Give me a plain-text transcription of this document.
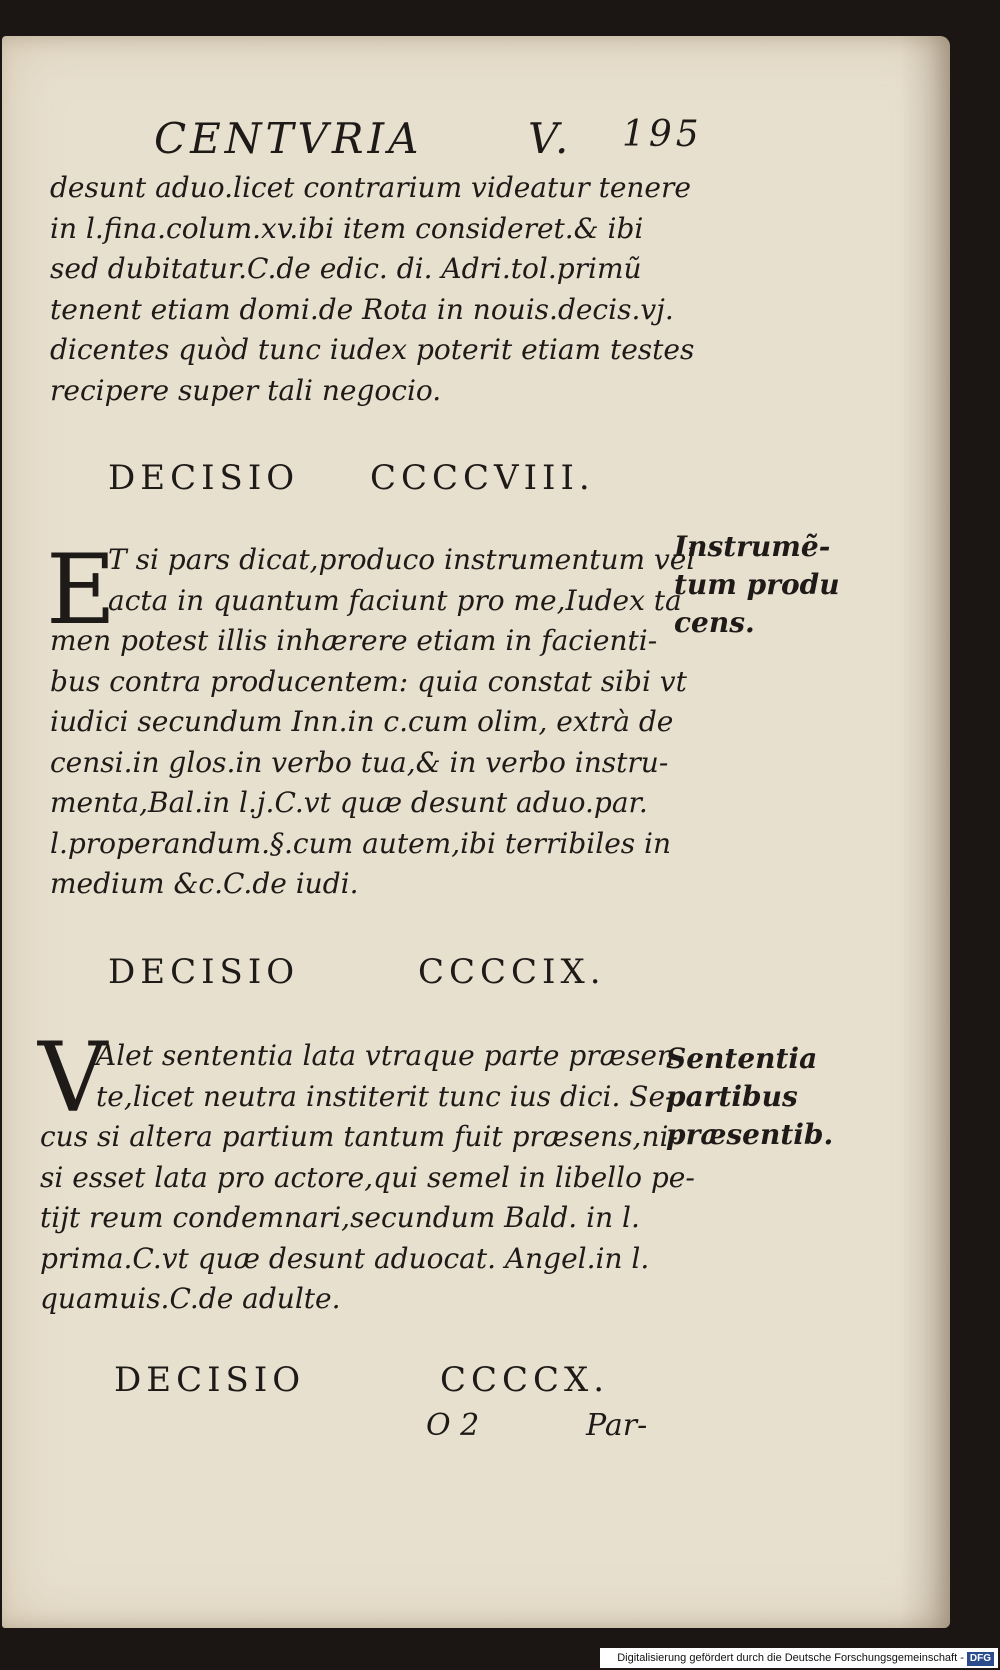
CENTVRIA	V. 195
desunt aduo.licet contrarium videatur tenere
in l.fina.colum.xv.ibi item consideret.& ibi
sed dubitatur.C.de edic. di. Adri.tol.primũ
tenent etiam domi.de Rota in nouis.decis.vj.
dicentes quòd tunc iudex poterit etiam testes
recipere super tali negocio.
DECISIO CCCCVIII.
E
T si pars dicat,produco instrumentum vel
acta in quantum faciunt pro me,Iudex ta
men potest illis inhærere etiam in facienti-
bus contra producentem: quia constat sibi vt
iudici secundum Inn.in c.cum olim, extrà de
censi.in glos.in verbo tua,& in verbo instru-
menta,Bal.in l.j.C.vt quæ desunt aduo.par.
l.properandum.§.cum autem,ibi terribiles in
medium &c.C.de iudi.
Instrumẽ-
tum produ
cens.
DECISIO	CCCCIX.
V
Alet sententia lata vtraque parte præsen-
te,licet neutra institerit tunc ius dici. Se-
cus si altera partium tantum fuit præsens,ni-
si esset lata pro actore,qui semel in libello pe-
tijt reum condemnari,secundum Bald. in l.
prima.C.vt quæ desunt aduocat. Angel.in l.
quamuis.C.de adulte.
Sententia
partibus
præsentib.
DECISIO	CCCCX.
O 2	Par-
Digitalisierung gefördert durch die Deutsche Forschungsgemeinschaft - DFG
